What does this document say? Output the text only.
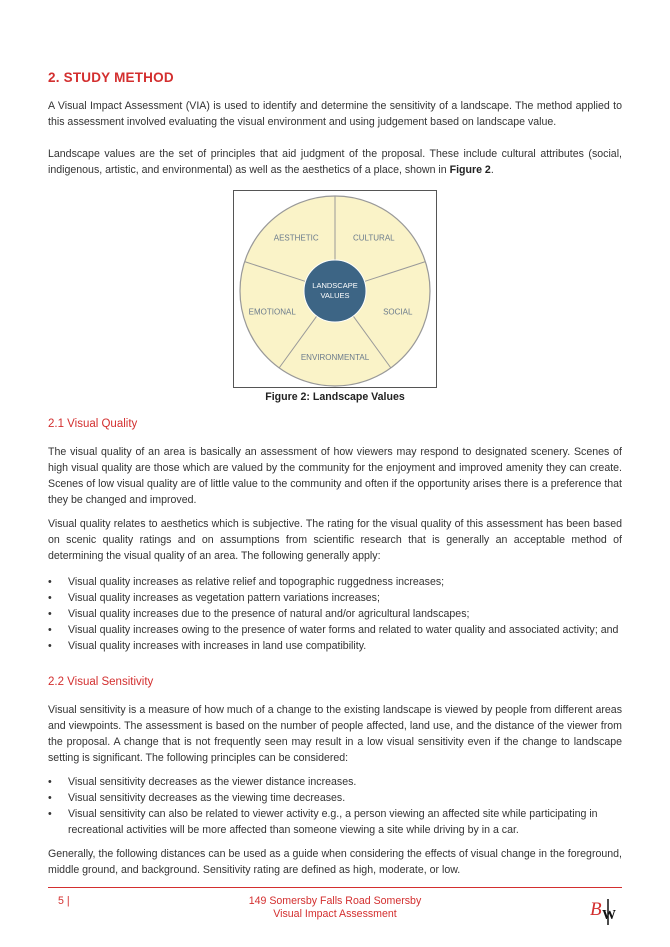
2. STUDY METHOD

A Visual Impact Assessment (VIA) is used to identify and determine the sensitivity of a landscape. The method applied to this assessment involved evaluating the visual environment and using judgement based on landscape value.

Landscape values are the set of principles that aid judgment of the proposal. These include cultural attributes (social, indigenous, artistic, and environmental) as well as the aesthetics of a place, shown in Figure 2.

LANDSCAPE
VALUES
AESTHETIC	CULTURAL
SOCIAL
ENVIRONMENTAL
EMOTIONAL
Figure 2: Landscape Values
2.1 Visual Quality

The visual quality of an area is basically an assessment of how viewers may respond to designated scenery. Scenes of high visual quality are those which are valued by the community for the enjoyment and improved amenity they can create. Scenes of low visual quality are of little value to the community and often if the opportunity arises there is a preference that they be changed and improved.

Visual quality relates to aesthetics which is subjective. The rating for the visual quality of this assessment has been based on scenic quality ratings and on assumptions from scientific research that is generally an acceptable method of determining the visual quality of an area. The following generally apply:

•	Visual quality increases as relative relief and topographic ruggedness increases;
•	Visual quality increases as vegetation pattern variations increases;
•	Visual quality increases due to the presence of natural and/or agricultural landscapes;
•	Visual quality increases owing to the presence of water forms and related to water quality and associated activity; and
•	Visual quality increases with increases in land use compatibility.
2.2 Visual Sensitivity

Visual sensitivity is a measure of how much of a change to the existing landscape is viewed by people from different areas and viewpoints. The assessment is based on the number of people affected, land use, and the distance of the viewer from the proposal. A change that is not frequently seen may result in a low visual sensitivity even if the change to landscape setting is significant. The following principles can be considered:

•	Visual sensitivity decreases as the viewer distance increases.
•	Visual sensitivity decreases as the viewing time decreases.
•	Visual sensitivity can also be related to viewer activity e.g., a person viewing an affected site while participating in recreational activities will be more affected than someone viewing a site while driving by in a car.

Generally, the following distances can be used as a guide when considering the effects of visual change in the foreground, middle ground, and background. Sensitivity rating are defined as high, moderate, or low.

5 |	149 Somersby Falls Road Somersby
Visual Impact Assessment	B W
